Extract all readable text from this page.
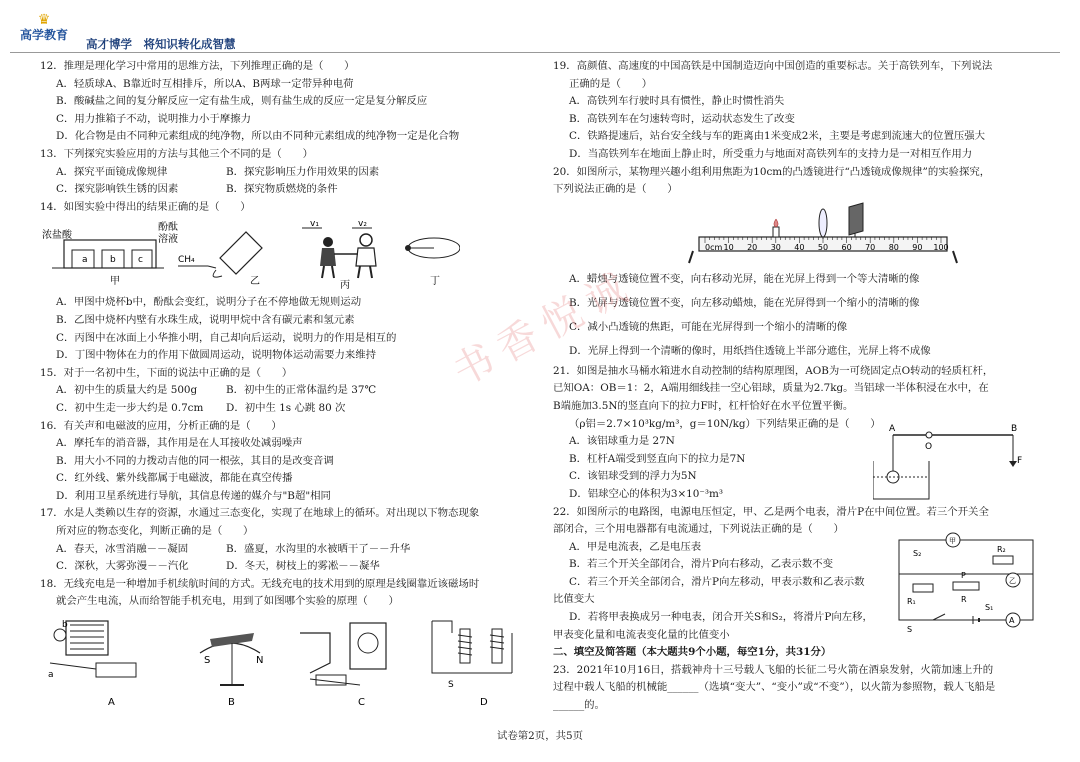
♛
高学教育
高才博学　将知识转化成智慧
12．推理是理化学习中常用的思维方法，下列推理正确的是（　　）
A．轻质球A、B靠近时互相排斥，所以A、B两球一定带异种电荷
B．酸碱盐之间的复分解反应一定有盐生成，则有盐生成的反应一定是复分解反应
C．用力推箱子不动，说明推力小于摩擦力
D．化合物是由不同种元素组成的纯净物，所以由不同种元素组成的纯净物一定是化合物
13．下列探究实验应用的方法与其他三个不同的是（　　）
A．探究平面镜成像规律	B．探究影响压力作用效果的因素
C．探究影响铁生锈的因素	B．探究物质燃烧的条件
14．如图实验中得出的结果正确的是（　　）
浓盐酸
酚酞
溶液
a b c
甲
CH₄
乙
v₁	v₂
丙	丁
A．甲图中烧杯b中，酚酞会变红，说明分子在不停地做无规则运动
B．乙图中烧杯内壁有水珠生成，说明甲烷中含有碳元素和氢元素
C．丙图中在冰面上小华推小明，自己却向后运动，说明力的作用是相互的
D．丁图中物体在力的作用下做圆周运动，说明物体运动需要力来维持
15．对于一名初中生，下面的说法中正确的是（　　）
A．初中生的质量大约是 500g	B．初中生的正常体温约是 37℃
C．初中生走一步大约是 0.7cm	D．初中生 1s 心跳 80 次
16．有关声和电磁波的应用，分析正确的是（　　）
A．摩托车的消音器，其作用是在人耳接收处减弱噪声
B．用大小不同的力拨动吉他的同一根弦，其目的是改变音调
C．红外线、紫外线都属于电磁波，都能在真空传播
D．利用卫星系统进行导航，其信息传递的媒介与"B超"相同
17．水是人类赖以生存的资源，水通过三态变化，实现了在地球上的循环。对出现以下物态现象
所对应的物态变化，判断正确的是（　　）
A．春天，冰雪消融－－凝固	B．盛夏，水沟里的水被晒干了－－升华
C．深秋，大雾弥漫－－汽化	D．冬天，树枝上的雾凇－－凝华
18．无线充电是一种增加手机续航时间的方式。无线充电的技术用到的原理是线圈靠近该磁场时
就会产生电流，从而给智能手机充电，用到了如图哪个实验的原理（　　）
a
b
A
S	N
B	C
S
D
19．高颜值、高速度的中国高铁是中国制造迈向中国创造的重要标志。关于高铁列车，下列说法
正确的是（　　）
A．高铁列车行驶时具有惯性，静止时惯性消失
B．高铁列车在匀速转弯时，运动状态发生了改变
C．铁路提速后，站台安全线与车的距离由1米变成2米，主要是考虑到流速大的位置压强大
D．当高铁列车在地面上静止时，所受重力与地面对高铁列车的支持力是一对相互作用力
20．如图所示，某物理兴趣小组利用焦距为10cm的凸透镜进行“凸透镜成像规律”的实验探究，
下列说法正确的是（　　）
0cm 10 20 30 40 50 60 70 80 90 100
A．蜡烛与透镜位置不变，向右移动光屏，能在光屏上得到一个等大清晰的像
B．光屏与透镜位置不变，向左移动蜡烛，能在光屏得到一个缩小的清晰的像
C．减小凸透镜的焦距，可能在光屏得到一个缩小的清晰的像
D．光屏上得到一个清晰的像时，用纸挡住透镜上半部分遮住，光屏上将不成像
21．如图是抽水马桶水箱进水自动控制的结构原理图，AOB为一可绕固定点O转动的轻质杠杆，
已知OA：OB＝1：2，A端用细线挂一空心铝球，质量为2.7kg。当铝球一半体积浸在水中，在
B端施加3.5N的竖直向下的拉力F时，杠杆恰好在水平位置平衡。
（ρ铝＝2.7×10³kg/m³，g＝10N/kg）下列结果正确的是（　　）
A．该铝球重力是 27N
B．杠杆A端受到竖直向下的拉力是7N
C．该铝球受到的浮力为5N
D．铝球空心的体积为3×10⁻³m³
A
O
B
F
22．如图所示的电路图，电源电压恒定，甲、乙是两个电表，滑片P在中间位置。若三个开关全
部闭合，三个用电器都有电流通过，下列说法正确的是（　　）
A．甲是电流表，乙是电压表
B．若三个开关全部闭合，滑片P向右移动，乙表示数不变
C．若三个开关全部闭合，滑片P向左移动，甲表示数和乙表示数
比值变大
D．若将甲表换成另一种电表，闭合开关S和S₂，将滑片P向左移，
甲表变化量和电流表变化量的比值变小
甲
S₂	R₂
乙
R₁
P
R
S₁
S
A
二、填空及简答题（本大题共9个小题，每空1分，共31分）
23．2021年10月16日，搭载神舟十三号载人飞船的长征二号火箭在酒泉发射，火箭加速上升的
过程中载人飞船的机械能______（选填“变大”、“变小”或“不变”），以火箭为参照物，载人飞船是
______的。
书香悦诚
试卷第2页，共5页
